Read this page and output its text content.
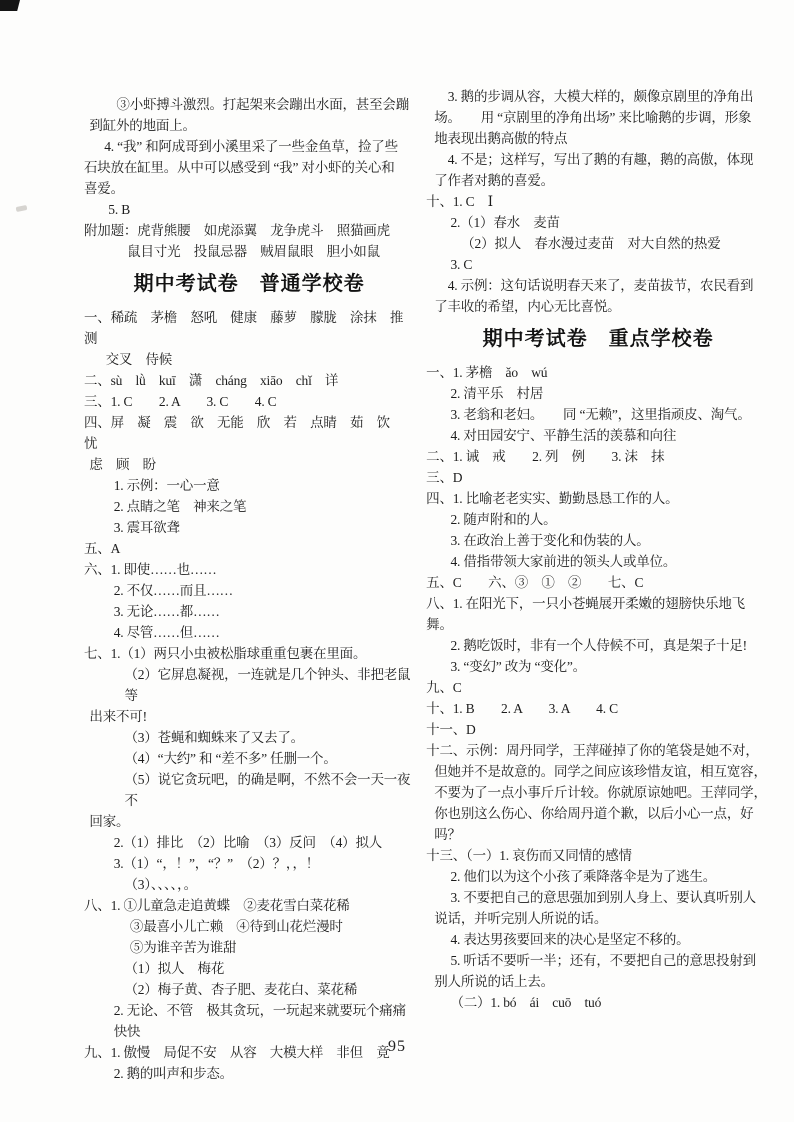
③小虾搏斗激烈。打起架来会蹦出水面，甚至会蹦

到缸外的地面上。

4. “我” 和阿成哥到小溪里采了一些金鱼草，捡了些

石块放在缸里。从中可以感受到 “我” 对小虾的关心和

喜爱。

5. B

附加题：虎背熊腰　如虎添翼　龙争虎斗　照猫画虎

鼠目寸光　投鼠忌器　贼眉鼠眼　胆小如鼠

期中考试卷　普通学校卷

一、稀疏　茅檐　怒吼　健康　藤萝　朦胧　涂抹　推测

交叉　侍候

二、sù　lǜ　kuī　潇　cháng　xiāo　chǐ　详

三、1. C　　2. A　　3. C　　4. C

四、屏　凝　震　欲　无能　欣　若　点睛　茹　饮　忧

虑　顾　盼

1. 示例：一心一意

2. 点睛之笔　神来之笔

3. 震耳欲聋

五、A

六、1. 即使……也……

2. 不仅……而且……

3. 无论……都……

4. 尽管……但……

七、1.（1）两只小虫被松脂球重重包裹在里面。

（2）它屏息凝视，一连就是几个钟头、非把老鼠等

出来不可!

（3）苍蝇和蜘蛛来了又去了。

（4）“大约” 和 “差不多” 任删一个。

（5）说它贪玩吧，的确是啊，不然不会一天一夜不

回家。

2.（1）排比　（2）比喻　（3）反问　（4）拟人

3.（1）“，！”，“？”　（2）？，，！

（3）、、、、，。

八、1. ①儿童急走追黄蝶　②麦花雪白菜花稀

③最喜小儿亡赖　④待到山花烂漫时

⑤为谁辛苦为谁甜

（1）拟人　梅花

（2）梅子黄、杏子肥、麦花白、菜花稀

2. 无论、不管　极其贪玩，一玩起来就要玩个痛痛快快

九、1. 傲慢　局促不安　从容　大模大样　非但　竟

2. 鹅的叫声和步态。

3. 鹅的步调从容，大模大样的，颇像京剧里的净角出

场。　　用 “京剧里的净角出场” 来比喻鹅的步调，形象

地表现出鹅高傲的特点

4. 不是；这样写，写出了鹅的有趣，鹅的高傲，体现

了作者对鹅的喜爱。

十、1. C　Ⅰ

2.（1）春水　麦苗

（2）拟人　春水漫过麦苗　对大自然的热爱

3. C

4. 示例：这句话说明春天来了，麦苗拔节，农民看到

了丰收的希望，内心无比喜悦。

期中考试卷　重点学校卷

一、1. 茅檐　ǎo　wú

2. 清平乐　村居

3. 老翁和老妇。　　同 “无赖”，这里指顽皮、淘气。

4. 对田园安宁、平静生活的羡慕和向往

二、1. 诫　戒　　2. 列　例　　3. 沫　抹

三、D

四、1. 比喻老老实实、勤勤恳恳工作的人。

2. 随声附和的人。

3. 在政治上善于变化和伪装的人。

4. 借指带领大家前进的领头人或单位。

五、C　　六、③　①　②　　七、C

八、1. 在阳光下，一只小苍蝇展开柔嫩的翅膀快乐地飞舞。

2. 鹅吃饭时，非有一个人侍候不可，真是架子十足!

3. “变幻” 改为 “变化”。

九、C

十、1. B　　2. A　　3. A　　4. C

十一、D

十二、示例：周丹同学，王萍碰掉了你的笔袋是她不对，

但她并不是故意的。同学之间应该珍惜友谊，相互宽容，

不要为了一点小事斤斤计较。你就原谅她吧。王萍同学，

你也别这么伤心、你给周丹道个歉，以后小心一点，好吗？

十三、（一）1. 哀伤而又同情的感情

2. 他们以为这个小孩了乘降落伞是为了逃生。

3. 不要把自己的意思强加到别人身上、要认真听别人

说话，并听完别人所说的话。

4. 表达男孩要回来的决心是坚定不移的。

5. 听话不要听一半；还有，不要把自己的意思投射到

别人所说的话上去。

（二）1. bó　ái　cuō　tuó

95
